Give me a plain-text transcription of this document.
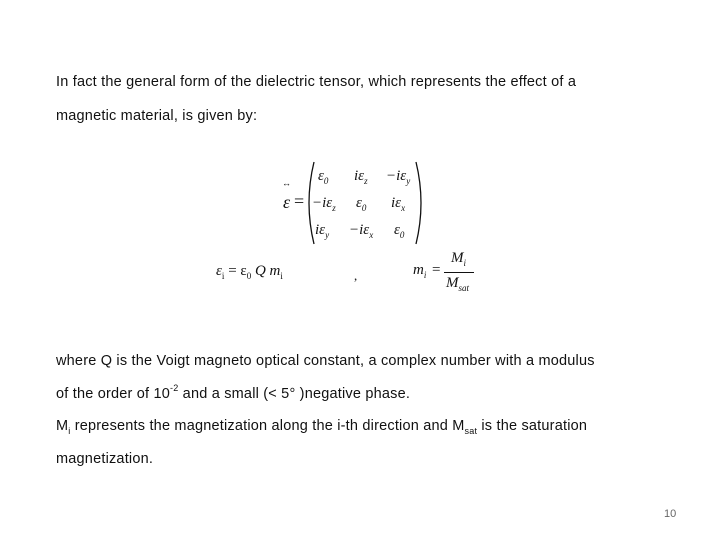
In fact the general form of the dielectric tensor, which represents the effect of a
magnetic material, is given by:
ε
↔
=
$\varepsilon_0$ $i\varepsilon_z -i\varepsilon_y$
$-i\varepsilon_z$ $\varepsilon_0$ $i\varepsilon_x$
$i\varepsilon_y -i\varepsilon_x$ $\varepsilon_0$
$\varepsilon_i = \varepsilon_0$ Q $m_i$	,	$m_i$ =
$M_i$
$M_{sat}$
where Q is the Voigt magneto optical constant, a complex number with a modulus
of the order of $10^{-2}$ and a small (< 5° )negative phase.
$M_i$ represents the magnetization along the i-th direction and $M_{sat}$ is the saturation
magnetization.
10
